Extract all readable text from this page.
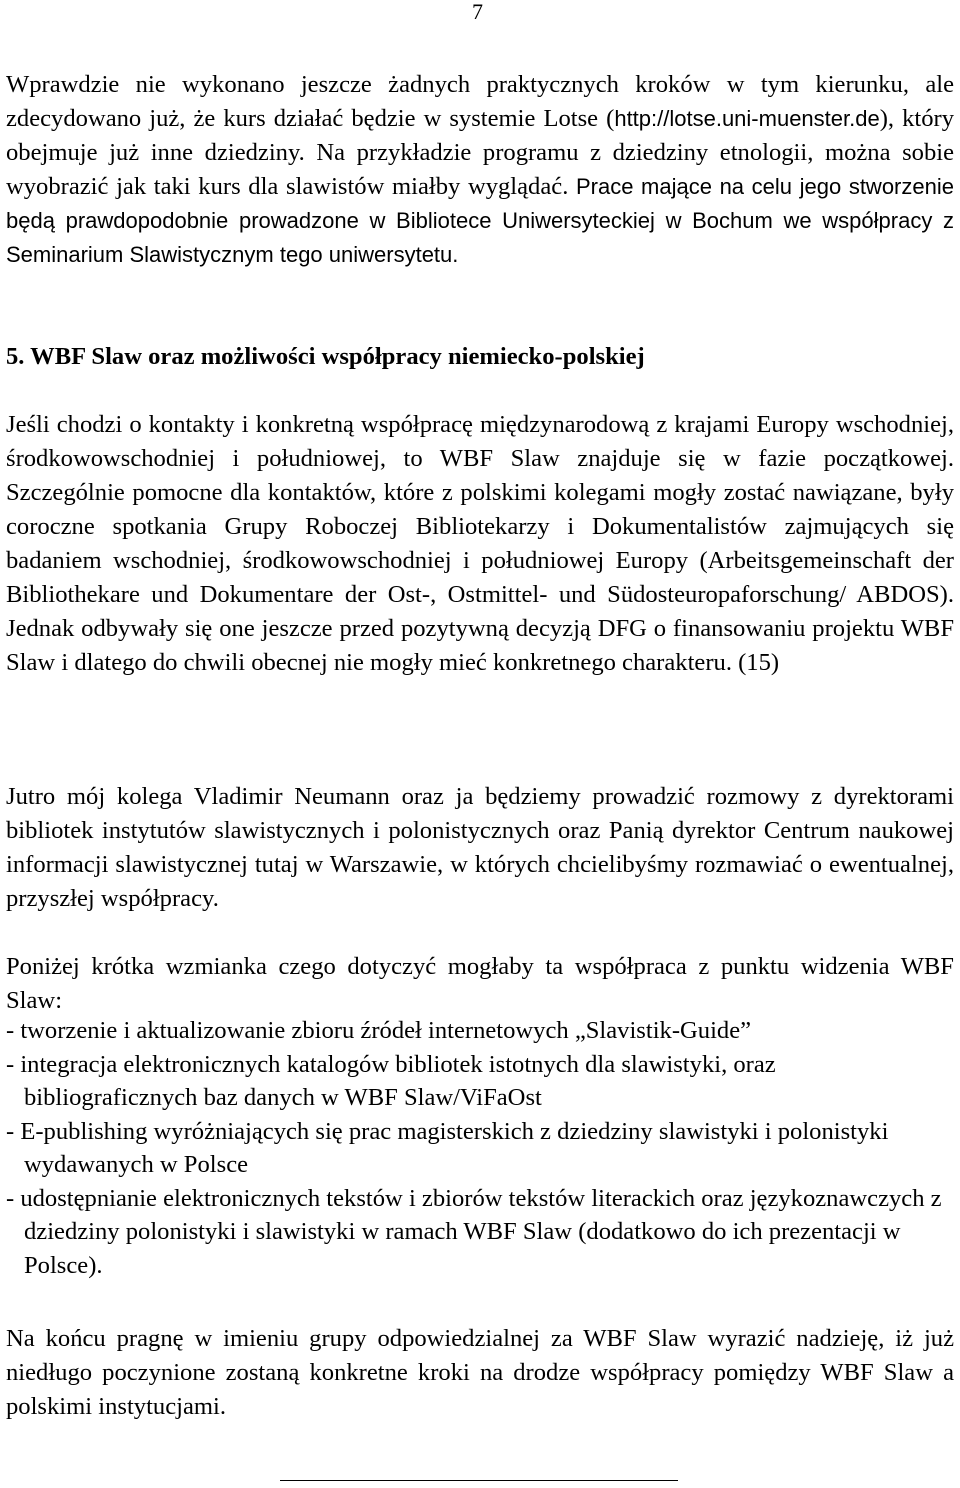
7

Wprawdzie nie wykonano jeszcze żadnych praktycznych kroków w tym kierunku, ale zdecydowano już, że kurs działać będzie w systemie Lotse (http://lotse.uni-muenster.de), który obejmuje już inne dziedziny. Na przykładzie programu z dziedziny etnologii, można sobie wyobrazić jak taki kurs dla slawistów miałby wyglądać. Prace mające na celu jego stworzenie będą prawdopodobnie prowadzone w Bibliotece Uniwersyteckiej w Bochum we współpracy z Seminarium Slawistycznym tego uniwersytetu.

5. WBF Slaw oraz możliwości współpracy niemiecko-polskiej

Jeśli chodzi o kontakty i konkretną współpracę międzynarodową z krajami Europy wschodniej, środkowowschodniej i południowej, to WBF Slaw znajduje się w fazie początkowej. Szczególnie pomocne dla kontaktów, które z polskimi kolegami mogły zostać nawiązane, były coroczne spotkania Grupy Roboczej Bibliotekarzy i Dokumentalistów zajmujących się badaniem wschodniej, środkowowschodniej i południowej Europy (Arbeitsgemeinschaft der Bibliothekare und Dokumentare der Ost-, Ostmittel- und Südosteuropaforschung/ ABDOS). Jednak odbywały się one jeszcze przed pozytywną decyzją DFG o finansowaniu projektu WBF Slaw i dlatego do chwili obecnej nie mogły mieć konkretnego charakteru. (15)

Jutro mój kolega Vladimir Neumann oraz ja będziemy prowadzić rozmowy z dyrektorami bibliotek instytutów slawistycznych i polonistycznych oraz Panią dyrektor Centrum naukowej informacji slawistycznej tutaj w Warszawie, w których chcielibyśmy rozmawiać o ewentualnej, przyszłej współpracy.

Poniżej krótka wzmianka czego dotyczyć mogłaby ta współpraca z punktu widzenia WBF Slaw:

- tworzenie i aktualizowanie zbioru źródeł internetowych „Slavistik-Guide”
- integracja elektronicznych katalogów bibliotek istotnych dla slawistyki, oraz bibliograficznych baz danych w WBF Slaw/ViFaOst
- E-publishing wyróżniających się prac magisterskich z dziedziny slawistyki i polonistyki wydawanych w Polsce
- udostępnianie elektronicznych tekstów i zbiorów tekstów literackich oraz językoznawczych z dziedziny polonistyki i slawistyki w ramach WBF Slaw (dodatkowo do ich prezentacji w Polsce).

Na końcu pragnę w imieniu grupy odpowiedzialnej za WBF Slaw wyrazić nadzieję, iż już niedługo poczynione zostaną konkretne kroki na drodze współpracy pomiędzy WBF Slaw a polskimi instytucjami.
